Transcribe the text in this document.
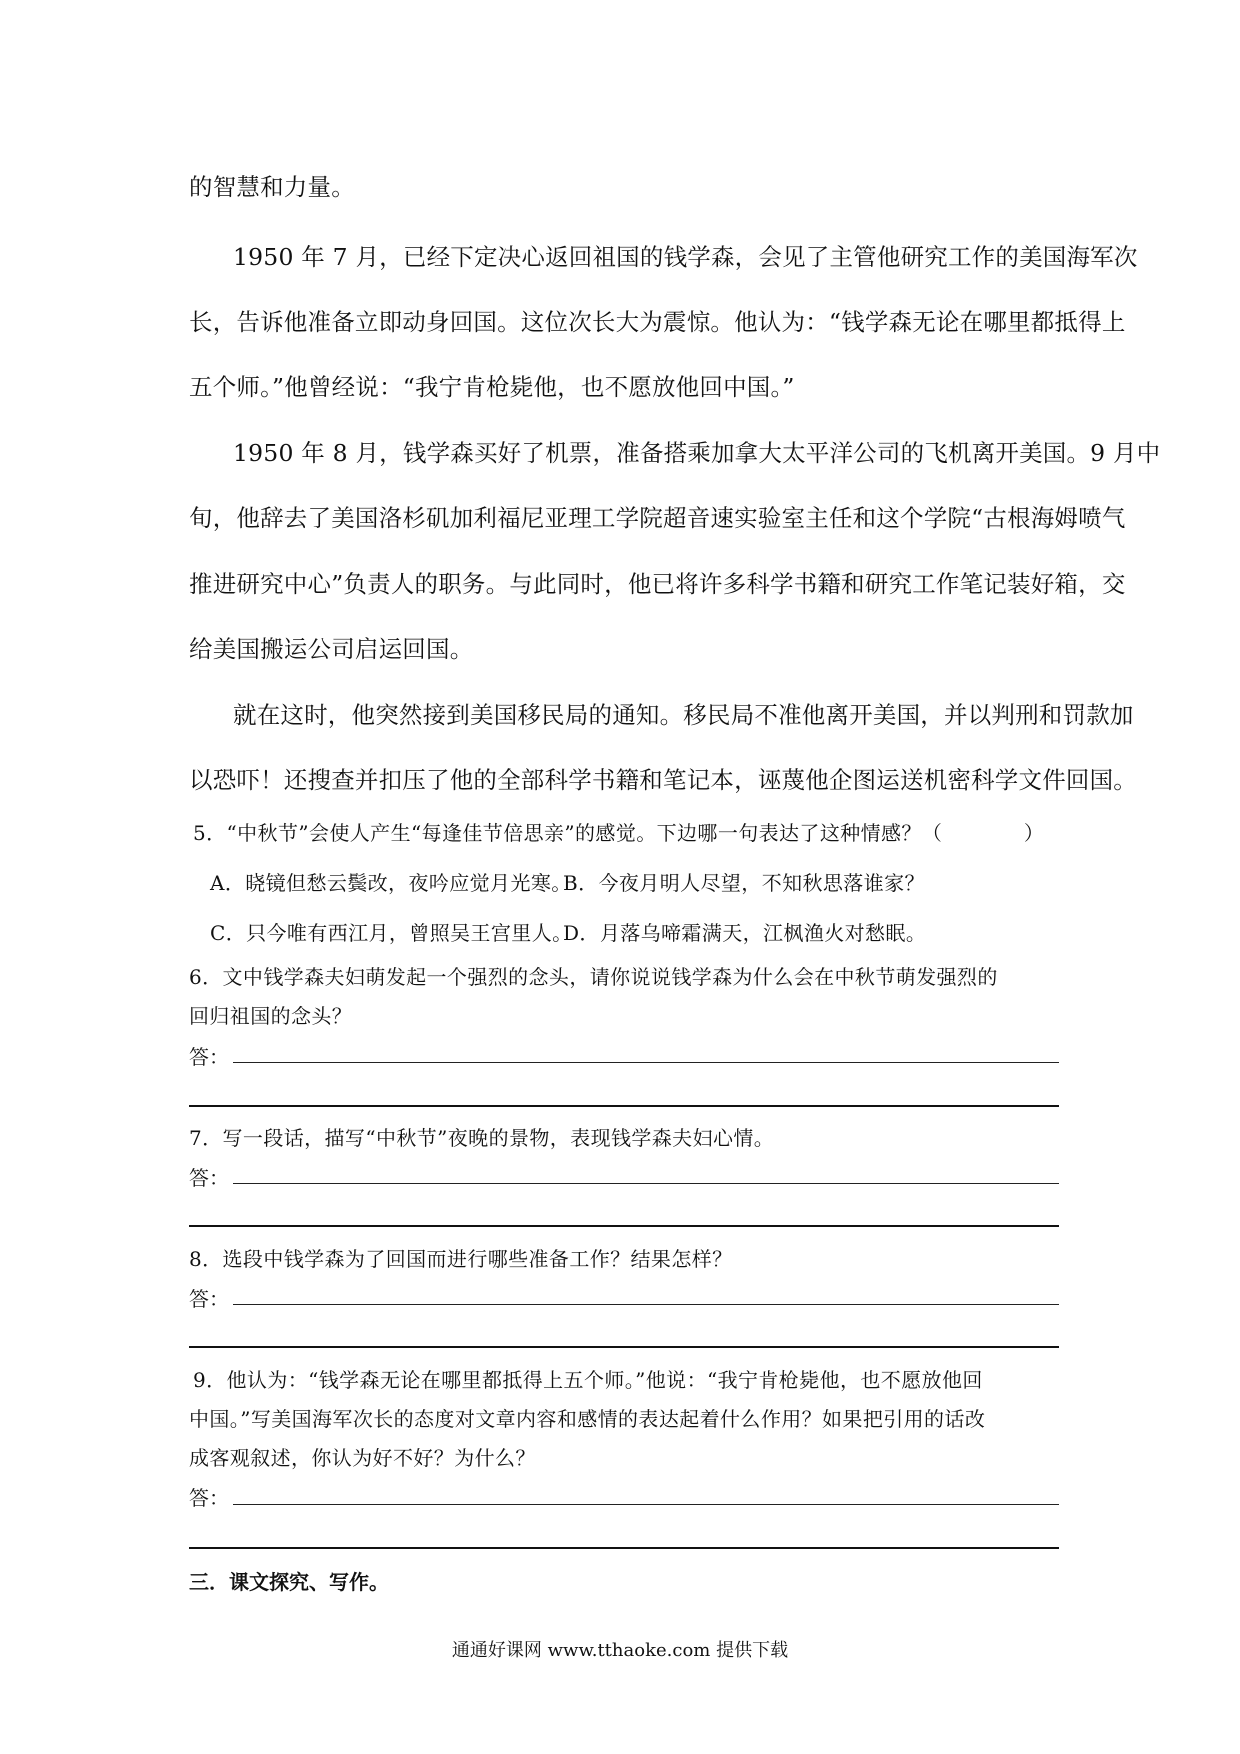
的智慧和力量。
1950 年 7 月，已经下定决心返回祖国的钱学森，会见了主管他研究工作的美国海军次
长，告诉他准备立即动身回国。这位次长大为震惊。他认为：“钱学森无论在哪里都抵得上
五个师。”他曾经说：“我宁肯枪毙他，也不愿放他回中国。”
1950 年 8 月，钱学森买好了机票，准备搭乘加拿大太平洋公司的飞机离开美国。9 月中
旬，他辞去了美国洛杉矶加利福尼亚理工学院超音速实验室主任和这个学院“古根海姆喷气
推进研究中心”负责人的职务。与此同时，他已将许多科学书籍和研究工作笔记装好箱，交
给美国搬运公司启运回国。
就在这时，他突然接到美国移民局的通知。移民局不准他离开美国，并以判刑和罚款加
以恐吓！还搜查并扣压了他的全部科学书籍和笔记本，诬蔑他企图运送机密科学文件回国。
5．“中秋节”会使人产生“每逢佳节倍思亲”的感觉。下边哪一句表达了这种情感？（　　　　）
A．晓镜但愁云鬓改，夜吟应觉月光寒。
B．今夜月明人尽望，不知秋思落谁家？
C．只今唯有西江月，曾照吴王宫里人。
D．月落乌啼霜满天，江枫渔火对愁眠。
6．文中钱学森夫妇萌发起一个强烈的念头，请你说说钱学森为什么会在中秋节萌发强烈的
回归祖国的念头？
答：
7．写一段话，描写“中秋节”夜晚的景物，表现钱学森夫妇心情。
答：
8．选段中钱学森为了回国而进行哪些准备工作？结果怎样？
答：
9．他认为：“钱学森无论在哪里都抵得上五个师。”他说：“我宁肯枪毙他，也不愿放他回
中国。”写美国海军次长的态度对文章内容和感情的表达起着什么作用？如果把引用的话改
成客观叙述，你认为好不好？为什么？
答：
三．课文探究、写作。
通通好课网 www.tthaoke.com 提供下载
